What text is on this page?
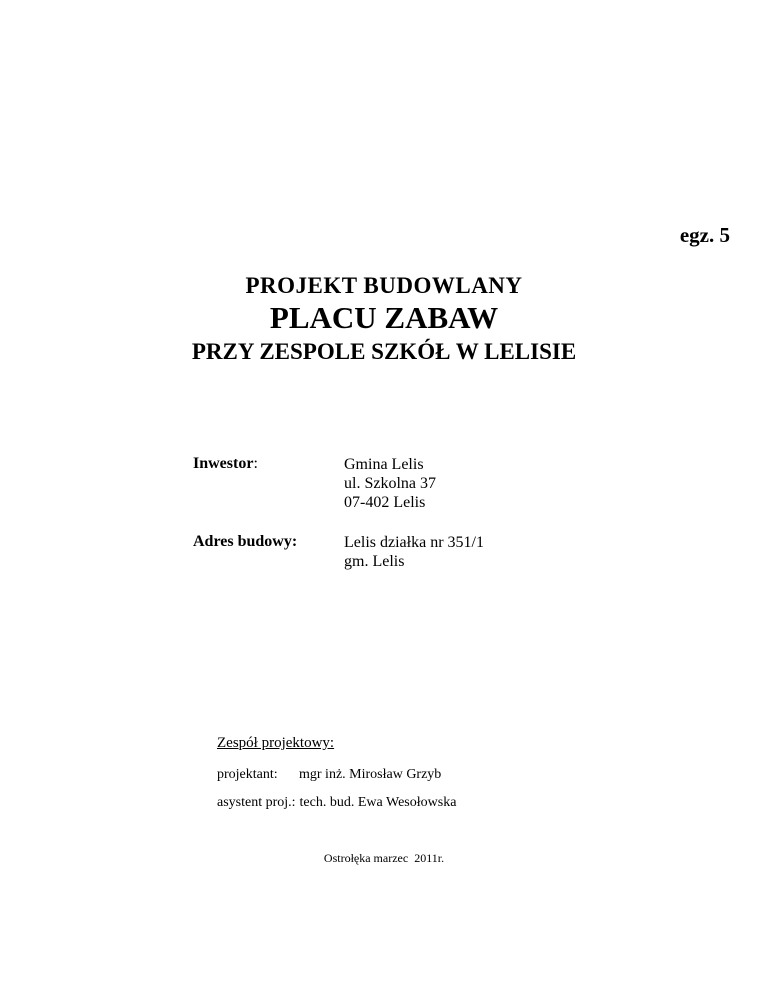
egz. 5
PROJEKT BUDOWLANY
PLACU ZABAW
PRZY ZESPOLE SZKÓŁ W LELISIE
Inwestor:	Gmina Lelis
ul. Szkolna 37
07-402 Lelis
Adres budowy:	Lelis działka nr 351/1
gm. Lelis
Zespół projektowy:
projektant: mgr inż. Mirosław Grzyb
asystent proj.: tech. bud. Ewa Wesołowska
Ostrołęka marzec  2011r.
